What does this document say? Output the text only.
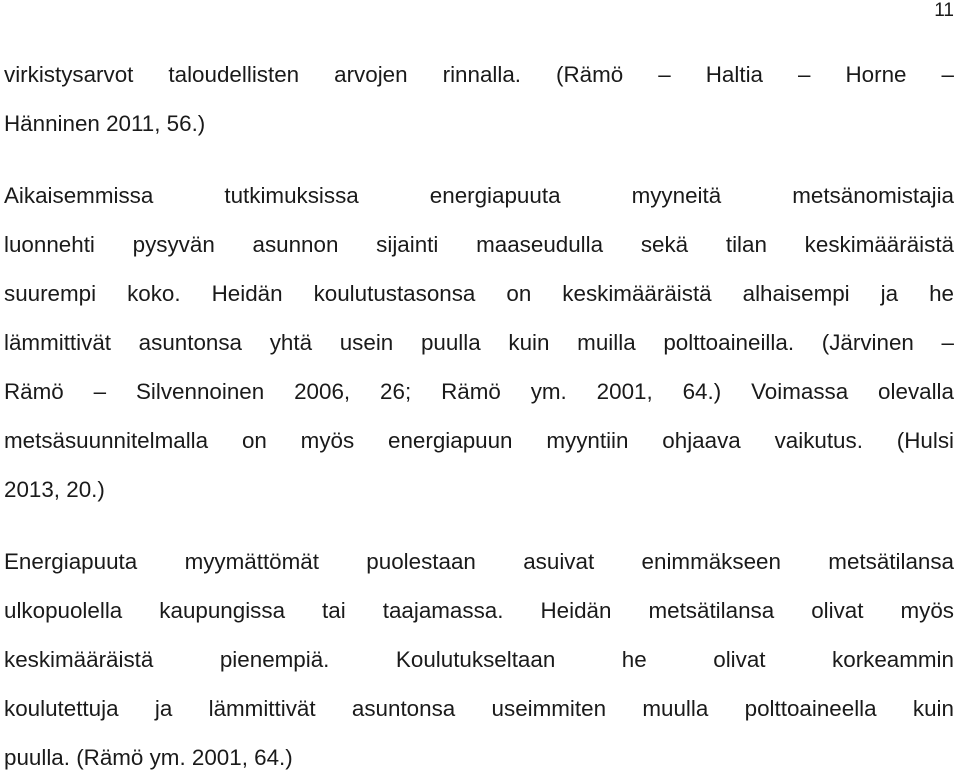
11
virkistysarvot taloudellisten arvojen rinnalla. (Rämö – Haltia – Horne –
Hänninen 2011, 56.)
Aikaisemmissa tutkimuksissa energiapuuta myyneitä metsänomistajia
luonnehti pysyvän asunnon sijainti maaseudulla sekä tilan keskimääräistä
suurempi koko. Heidän koulutustasonsa on keskimääräistä alhaisempi ja he
lämmittivät asuntonsa yhtä usein puulla kuin muilla polttoaineilla. (Järvinen –
Rämö – Silvennoinen 2006, 26; Rämö ym. 2001, 64.) Voimassa olevalla
metsäsuunnitelmalla on myös energiapuun myyntiin ohjaava vaikutus. (Hulsi
2013, 20.)
Energiapuuta myymättömät puolestaan asuivat enimmäkseen metsätilansa
ulkopuolella kaupungissa tai taajamassa. Heidän metsätilansa olivat myös
keskimääräistä pienempiä. Koulutukseltaan he olivat korkeammin
koulutettuja ja lämmittivät asuntonsa useimmiten muulla polttoaineella kuin
puulla. (Rämö ym. 2001, 64.)
